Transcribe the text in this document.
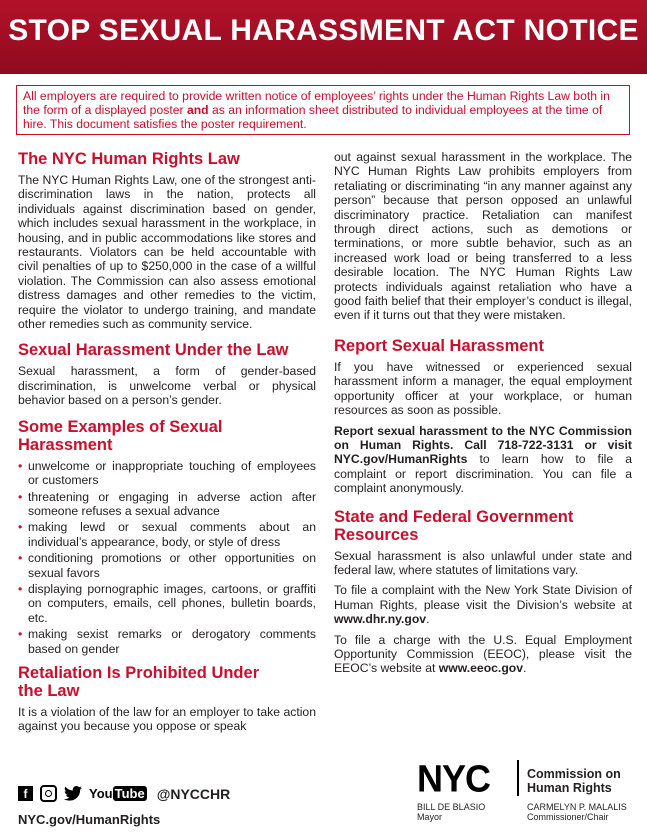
STOP SEXUAL HARASSMENT ACT NOTICE
All employers are required to provide written notice of employees’ rights under the Human Rights Law both in the form of a displayed poster and as an information sheet distributed to individual employees at the time of hire. This document satisfies the poster requirement.
The NYC Human Rights Law

The NYC Human Rights Law, one of the strongest anti-discrimination laws in the nation, protects all individuals against discrimination based on gender, which includes sexual harassment in the workplace, in housing, and in public accommodations like stores and restaurants. Violators can be held accountable with civil penalties of up to $250,000 in the case of a willful violation. The Commission can also assess emotional distress damages and other remedies to the victim, require the violator to undergo training, and mandate other remedies such as community service.

Sexual Harassment Under the Law

Sexual harassment, a form of gender-based discrimination, is unwelcome verbal or physical behavior based on a person’s gender.

Some Examples of Sexual Harassment
• unwelcome or inappropriate touching of employees or customers
• threatening or engaging in adverse action after someone refuses a sexual advance
• making lewd or sexual comments about an individual’s appearance, body, or style of dress
• conditioning promotions or other opportunities on sexual favors
• displaying pornographic images, cartoons, or graffiti on computers, emails, cell phones, bulletin boards, etc.
• making sexist remarks or derogatory comments based on gender
Retaliation Is Prohibited Under the Law

It is a violation of the law for an employer to take action against you because you oppose or speak

out against sexual harassment in the workplace. The NYC Human Rights Law prohibits employers from retaliating or discriminating “in any manner against any person” because that person opposed an unlawful discriminatory practice. Retaliation can manifest through direct actions, such as demotions or terminations, or more subtle behavior, such as an increased work load or being transferred to a less desirable location. The NYC Human Rights Law protects individuals against retaliation who have a good faith belief that their employer’s conduct is illegal, even if it turns out that they were mistaken.

Report Sexual Harassment

If you have witnessed or experienced sexual harassment inform a manager, the equal employment opportunity officer at your workplace, or human resources as soon as possible.

Report sexual harassment to the NYC Commission on Human Rights. Call 718-722-3131 or visit NYC.gov/HumanRights to learn how to file a complaint or report discrimination. You can file a complaint anonymously.

State and Federal Government Resources

Sexual harassment is also unlawful under state and federal law, where statutes of limitations vary.

To file a complaint with the New York State Division of Human Rights, please visit the Division’s website at www.dhr.ny.gov.

To file a charge with the U.S. Equal Employment Opportunity Commission (EEOC), please visit the EEOC’s website at www.eeoc.gov.

f	You Tube @NYCCHR
NYC.gov/HumanRights
NYC	Commission on
Human Rights
BILL DE BLASIO
Mayor
CARMELYN P. MALALIS
Commissioner/Chair
